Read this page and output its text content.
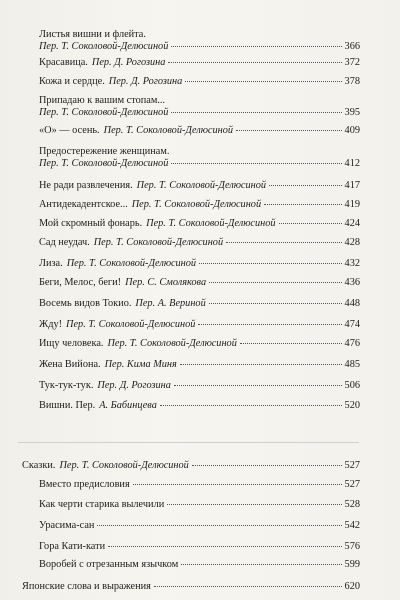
Листья вишни и флейта.
Пер. Т. Соколовой-Делюсиной	366
Красавица. Пер. Д. Рогозина	372
Кожа и сердце. Пер. Д. Рогозина	378
Припадаю к вашим стопам...
Пер. Т. Соколовой-Делюсиной	395
«О» — осень. Пер. Т. Соколовой-Делюсиной	409
Предостережение женщинам.
Пер. Т. Соколовой-Делюсиной	412
Не ради развлечения. Пер. Т. Соколовой-Делюсиной	417
Антидекадентское... Пер. Т. Соколовой-Делюсиной	419
Мой скромный фонарь. Пер. Т. Соколовой-Делюсиной	424
Сад неудач. Пер. Т. Соколовой-Делюсиной	428
Лиза. Пер. Т. Соколовой-Делюсиной	432
Беги, Мелос, беги! Пер. С. Смолякова	436
Восемь видов Токио. Пер. А. Вериной	448
Жду! Пер. Т. Соколовой-Делюсиной	474
Ищу человека. Пер. Т. Соколовой-Делюсиной	476
Жена Вийона. Пер. Кима Миня	485
Тук-тук-тук. Пер. Д. Рогозина	506
Вишни. Пер. А. Бабинцева	520
Сказки. Пер. Т. Соколовой-Делюсиной	527
Вместо предисловия	527
Как черти старика вылечили	528
Урасима-сан	542
Гора Кати-кати	576
Воробей с отрезанным язычком	599
Японские слова и выражения	620
